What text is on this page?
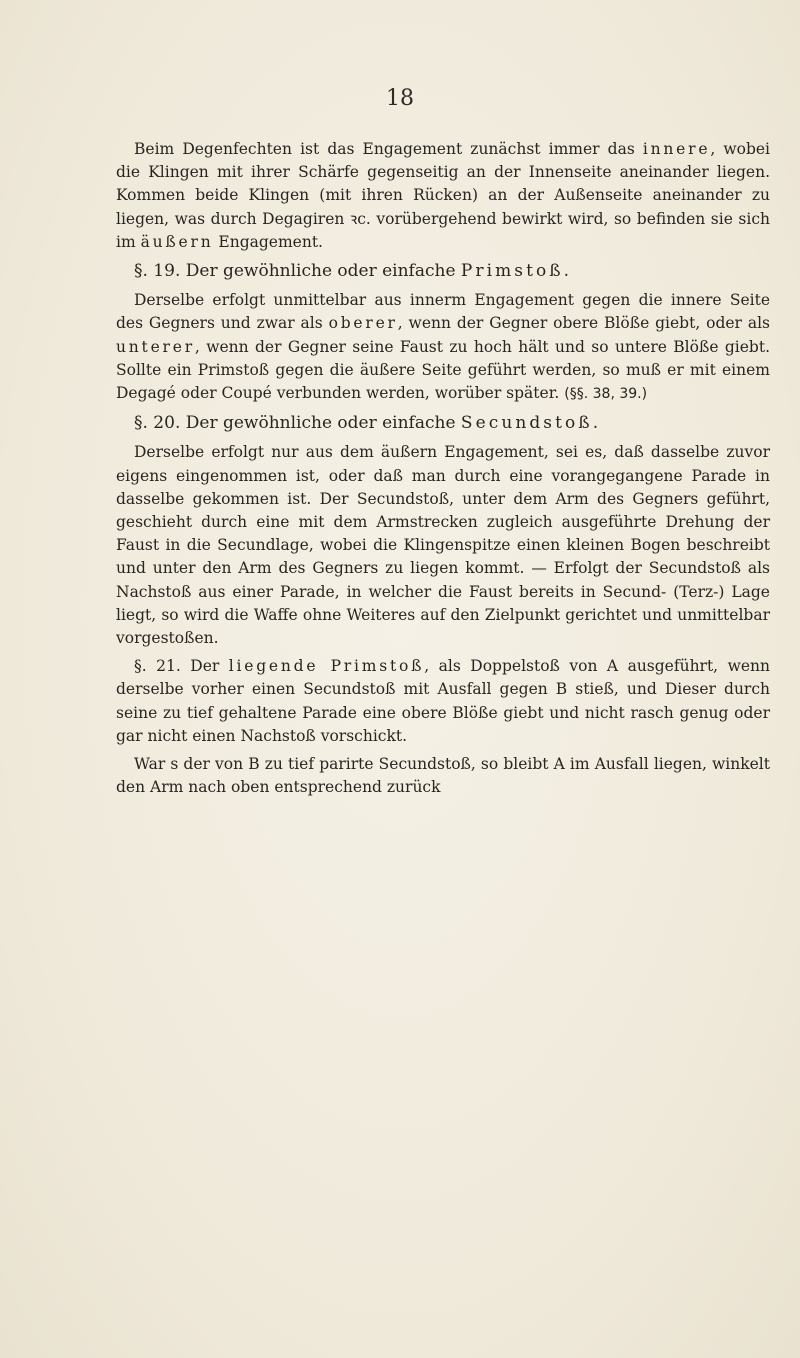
18

Beim Degenfechten ist das Engagement zunächst immer das innere, wobei die Klingen mit ihrer Schärfe gegenseitig an der Innenseite aneinander liegen. Kommen beide Klingen (mit ihren Rücken) an der Außenseite aneinander zu liegen, was durch Degagiren ꝛc. vorübergehend bewirkt wird, so befinden sie sich im äußern Engagement.

§. 19. Der gewöhnliche oder einfache Primstoß.

Derselbe erfolgt unmittelbar aus innerm Engagement gegen die innere Seite des Gegners und zwar als oberer, wenn der Gegner obere Blöße giebt, oder als unterer, wenn der Gegner seine Faust zu hoch hält und so untere Blöße giebt. Sollte ein Primstoß gegen die äußere Seite geführt werden, so muß er mit einem Degagé oder Coupé verbunden werden, worüber später. (§§. 38, 39.)

§. 20. Der gewöhnliche oder einfache Secundstoß.

Derselbe erfolgt nur aus dem äußern Engagement, sei es, daß dasselbe zuvor eigens eingenommen ist, oder daß man durch eine vorangegangene Parade in dasselbe gekommen ist. Der Secundstoß, unter dem Arm des Gegners geführt, geschieht durch eine mit dem Armstrecken zugleich ausgeführte Drehung der Faust in die Secundlage, wobei die Klingenspitze einen kleinen Bogen beschreibt und unter den Arm des Gegners zu liegen kommt. — Erfolgt der Secundstoß als Nachstoß aus einer Parade, in welcher die Faust bereits in Secund- (Terz-) Lage liegt, so wird die Waffe ohne Weiteres auf den Zielpunkt gerichtet und unmittelbar vorgestoßen.

§. 21. Der liegende Primstoß, als Doppelstoß von A ausgeführt, wenn derselbe vorher einen Secundstoß mit Ausfall gegen B stieß, und Dieser durch seine zu tief gehaltene Parade eine obere Blöße giebt und nicht rasch genug oder gar nicht einen Nachstoß vorschickt.

War s der von B zu tief parirte Secundstoß, so bleibt A im Ausfall liegen, winkelt den Arm nach oben entsprechend zurück
